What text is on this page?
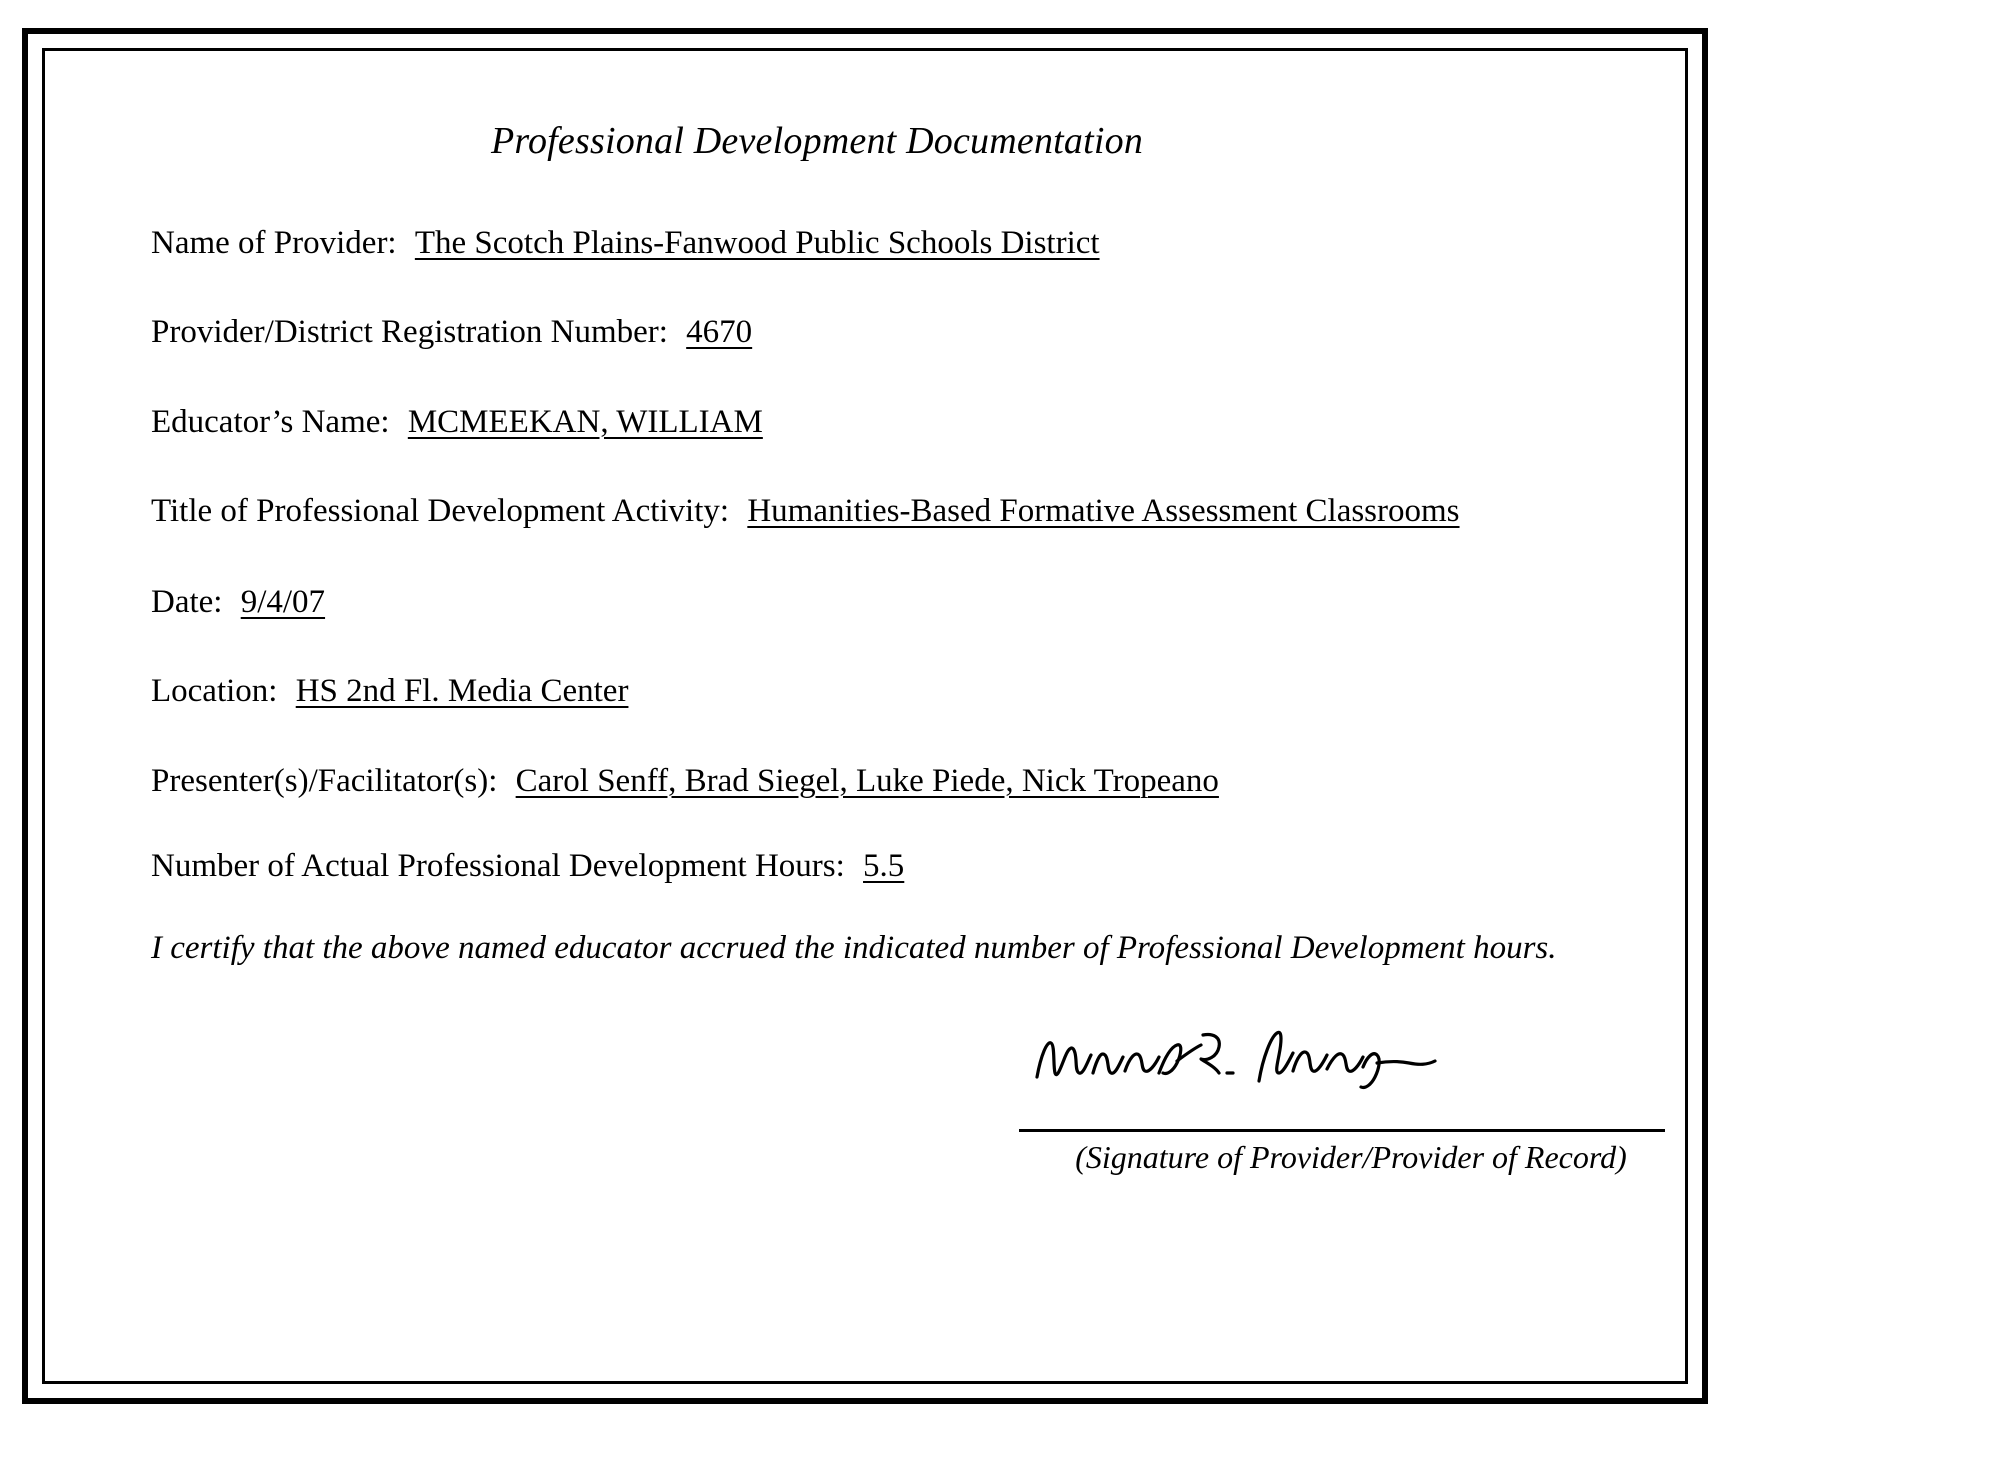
Professional Development Documentation
Name of Provider: The Scotch Plains-Fanwood Public Schools District
Provider/District Registration Number: 4670
Educator’s Name: MCMEEKAN, WILLIAM
Title of Professional Development Activity: Humanities-Based Formative Assessment Classrooms
Date: 9/4/07
Location: HS 2nd Fl. Media Center
Presenter(s)/Facilitator(s): Carol Senff, Brad Siegel, Luke Piede, Nick Tropeano
Number of Actual Professional Development Hours: 5.5
I certify that the above named educator accrued the indicated number of Professional Development hours.
(Signature of Provider/Provider of Record)
